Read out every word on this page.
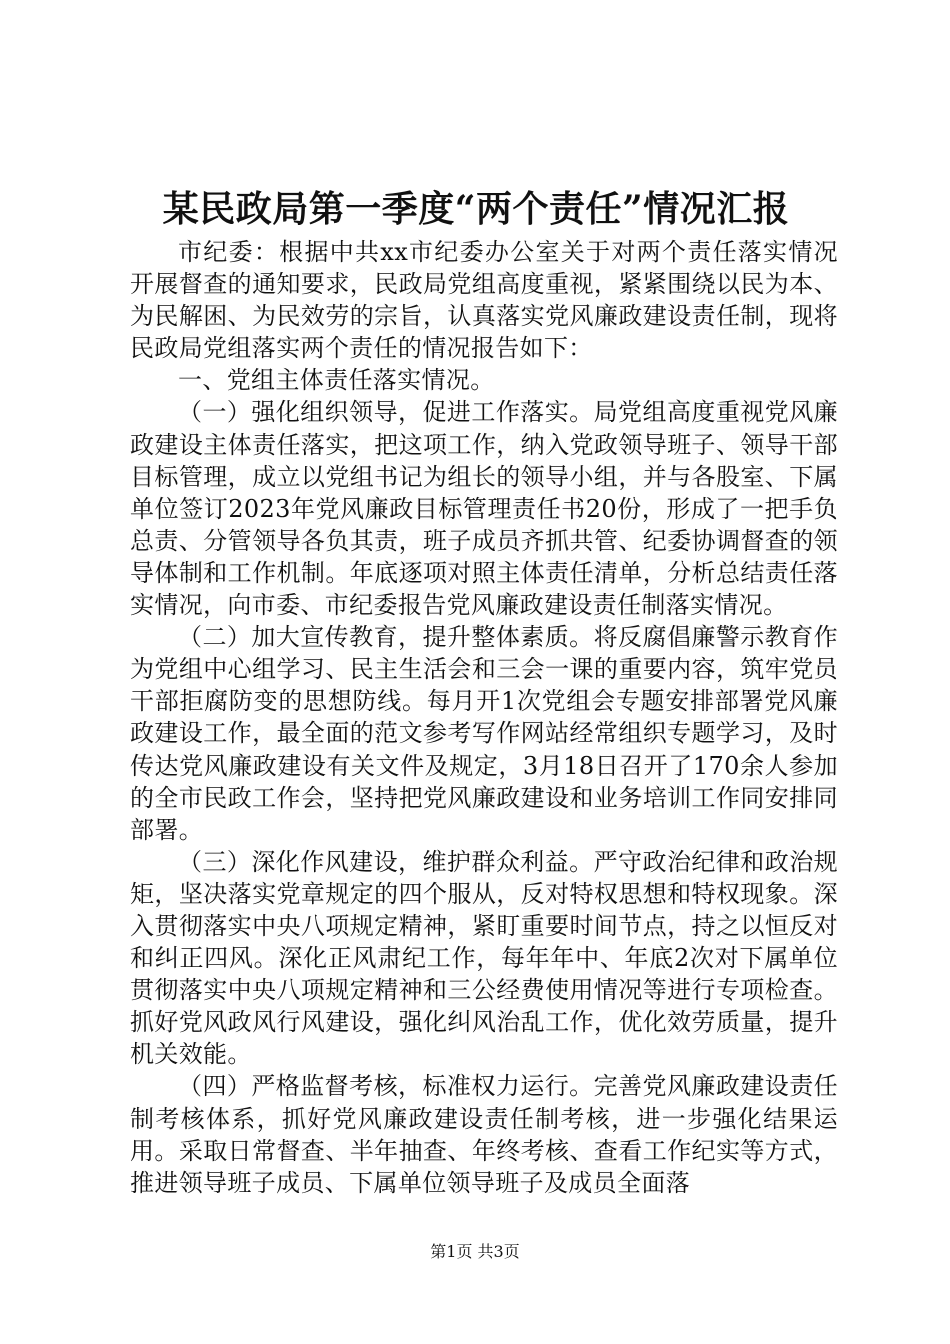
某民政局第一季度“两个责任”情况汇报

市纪委：根据中共xx市纪委办公室关于对两个责任落实情况开展督查的通知要求，民政局党组高度重视，紧紧围绕以民为本、为民解困、为民效劳的宗旨，认真落实党风廉政建设责任制，现将民政局党组落实两个责任的情况报告如下：

一、党组主体责任落实情况。

（一）强化组织领导，促进工作落实。局党组高度重视党风廉政建设主体责任落实，把这项工作，纳入党政领导班子、领导干部目标管理，成立以党组书记为组长的领导小组，并与各股室、下属单位签订2023年党风廉政目标管理责任书20份，形成了一把手负总责、分管领导各负其责，班子成员齐抓共管、纪委协调督查的领导体制和工作机制。年底逐项对照主体责任清单，分析总结责任落实情况，向市委、市纪委报告党风廉政建设责任制落实情况。

（二）加大宣传教育，提升整体素质。将反腐倡廉警示教育作为党组中心组学习、民主生活会和三会一课的重要内容，筑牢党员干部拒腐防变的思想防线。每月开1次党组会专题安排部署党风廉政建设工作，最全面的范文参考写作网站经常组织专题学习，及时传达党风廉政建设有关文件及规定，3月18日召开了170余人参加的全市民政工作会，坚持把党风廉政建设和业务培训工作同安排同部署。

（三）深化作风建设，维护群众利益。严守政治纪律和政治规矩，坚决落实党章规定的四个服从，反对特权思想和特权现象。深入贯彻落实中央八项规定精神，紧盯重要时间节点，持之以恒反对和纠正四风。深化正风肃纪工作，每年年中、年底2次对下属单位贯彻落实中央八项规定精神和三公经费使用情况等进行专项检查。抓好党风政风行风建设，强化纠风治乱工作，优化效劳质量，提升机关效能。

（四）严格监督考核，标准权力运行。完善党风廉政建设责任制考核体系，抓好党风廉政建设责任制考核，进一步强化结果运用。采取日常督查、半年抽查、年终考核、查看工作纪实等方式，推进领导班子成员、下属单位领导班子及成员全面落

第1页 共3页
